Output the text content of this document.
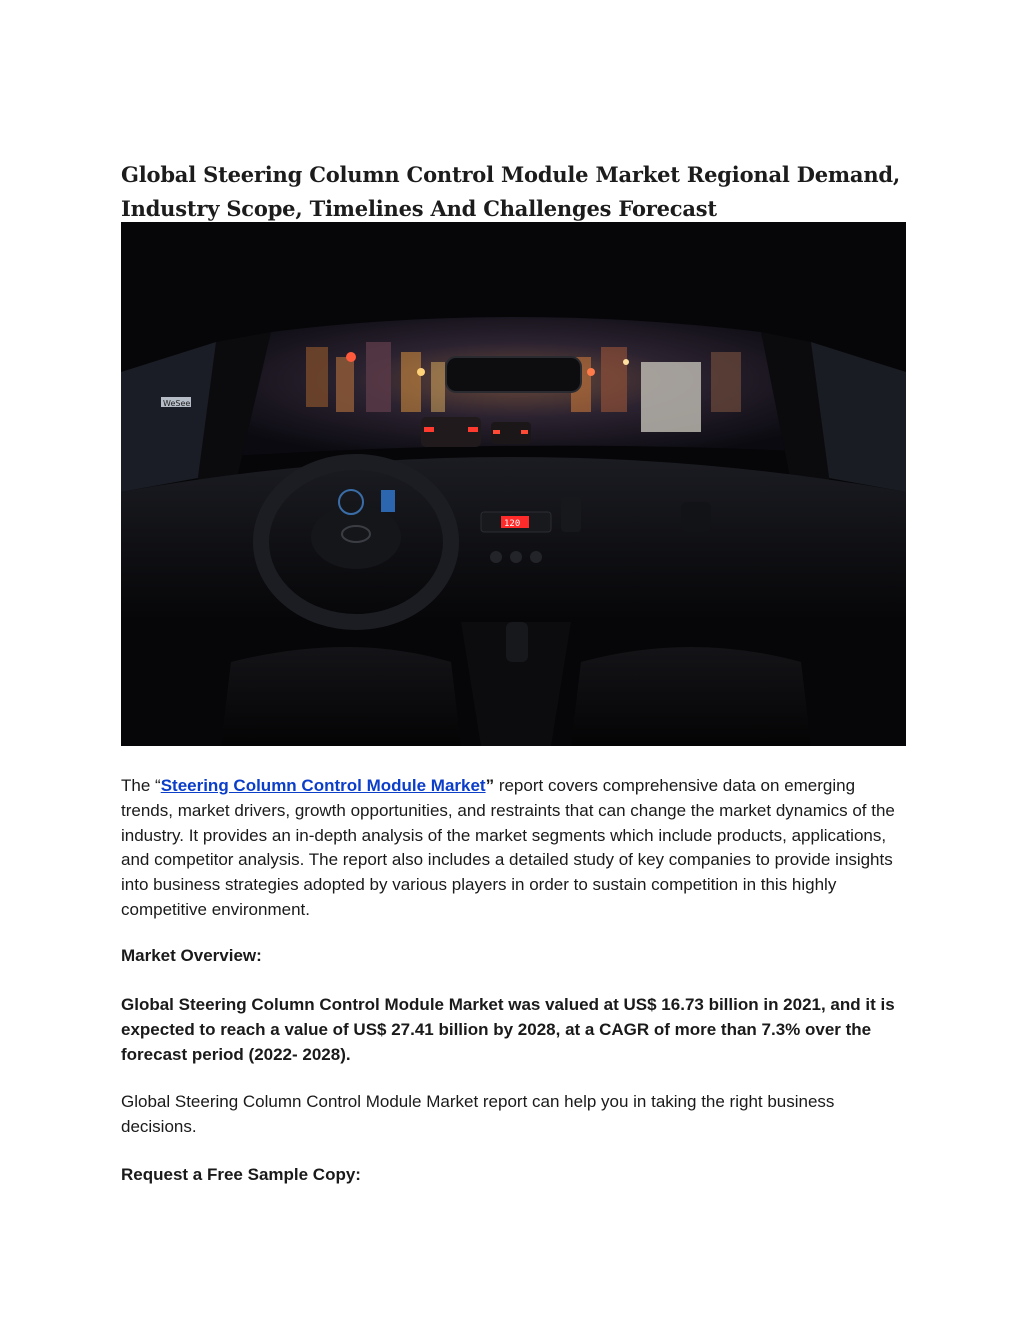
Global Steering Column Control Module Market Regional Demand, Industry Scope, Timelines And Challenges Forecast
WeSee
120

The “Steering Column Control Module Market” report covers comprehensive data on emerging trends, market drivers, growth opportunities, and restraints that can change the market dynamics of the industry. It provides an in-depth analysis of the market segments which include products, applications, and competitor analysis. The report also includes a detailed study of key companies to provide insights into business strategies adopted by various players in order to sustain competition in this highly competitive environment.

Market Overview:

Global Steering Column Control Module Market was valued at US$ 16.73 billion in 2021, and it is expected to reach a value of US$ 27.41 billion by 2028, at a CAGR of more than 7.3% over the forecast period (2022- 2028).

Global Steering Column Control Module Market report can help you in taking the right business decisions.

Request a Free Sample Copy:
